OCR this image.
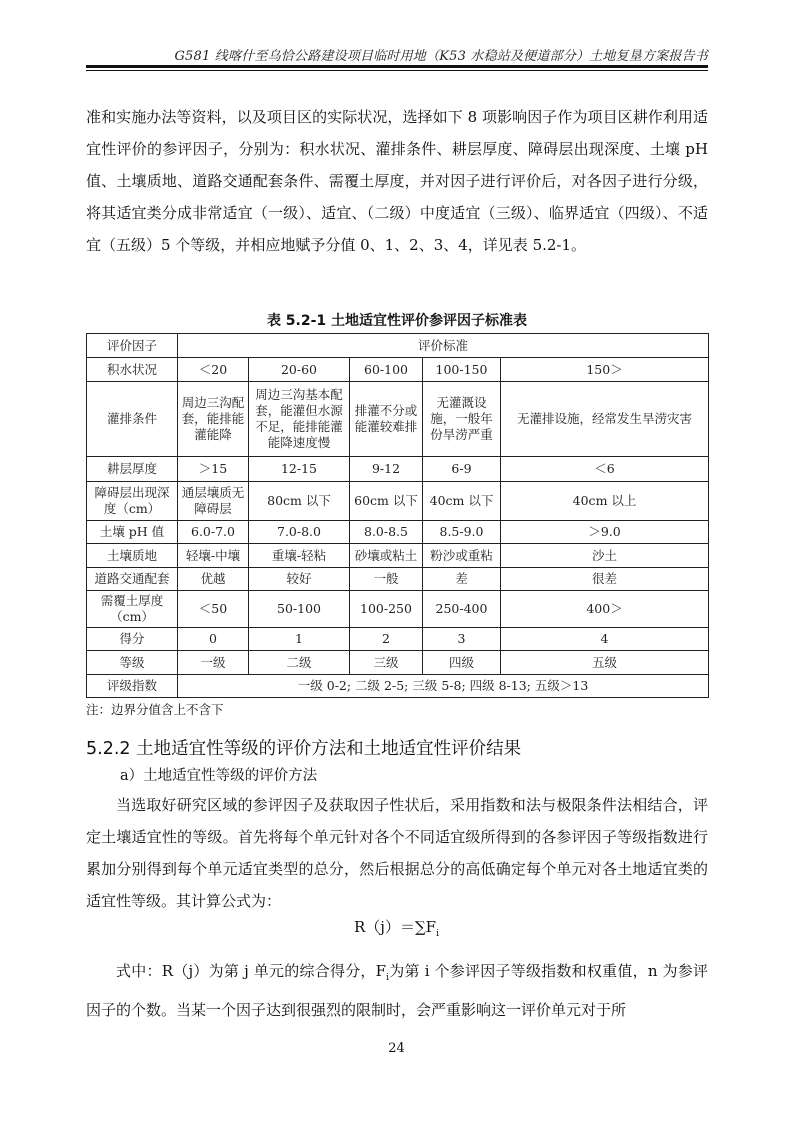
G581 线喀什至乌恰公路建设项目临时用地（K53 水稳站及便道部分）土地复垦方案报告书
准和实施办法等资料，以及项目区的实际状况，选择如下 8 项影响因子作为项目区耕作利用适宜性评价的参评因子，分别为：积水状况、灌排条件、耕层厚度、障碍层出现深度、土壤 pH 值、土壤质地、道路交通配套条件、需覆土厚度，并对因子进行评价后，对各因子进行分级，将其适宜类分成非常适宜（一级）、适宜、（二级）中度适宜（三级）、临界适宜（四级）、不适宜（五级）5 个等级，并相应地赋予分值 0、1、2、3、4，详见表 5.2-1。
表 5.2-1 土地适宜性评价参评因子标准表
评价因子	评价标准				
积水状况	＜20	20-60	60-100	100-150	150＞
灌排条件	周边三沟配套，能排能灌能降	周边三沟基本配套，能灌但水源不足，能排能灌能降速度慢	排灌不分或能灌较难排	无灌溉设施，一般年份旱涝严重	无灌排设施，经常发生旱涝灾害
耕层厚度	＞15	12-15	9-12	6-9	＜6
障碍层出现深度（cm）	通层壤质无障碍层	80cm 以下	60cm 以下	40cm 以下	40cm 以上
土壤 pH 值	6.0-7.0	7.0-8.0	8.0-8.5	8.5-9.0	＞9.0
土壤质地	轻壤-中壤	重壤-轻粘	砂壤或粘土	粉沙或重粘	沙土
道路交通配套	优越	较好	一般	差	很差
需覆土厚度（cm）	＜50	50-100	100-250	250-400	400＞
得分	0	1	2	3	4
等级	一级	二级	三级	四级	五级
评级指数	一级 0-2; 二级 2-5; 三级 5-8; 四级 8-13; 五级＞13				
注：边界分值含上不含下
5.2.2 土地适宜性等级的评价方法和土地适宜性评价结果
a）土地适宜性等级的评价方法
当选取好研究区域的参评因子及获取因子性状后，采用指数和法与极限条件法相结合，评定土壤适宜性的等级。首先将每个单元针对各个不同适宜级所得到的各参评因子等级指数进行累加分别得到每个单元适宜类型的总分，然后根据总分的高低确定每个单元对各土地适宜类的适宜性等级。其计算公式为：
$R(j)=\sum F_i$
式中：R（j）为第 j 单元的综合得分，$F_i$为第 i 个参评因子等级指数和权重值，n 为参评因子的个数。当某一个因子达到很强烈的限制时，会严重影响这一评价单元对于所
24
